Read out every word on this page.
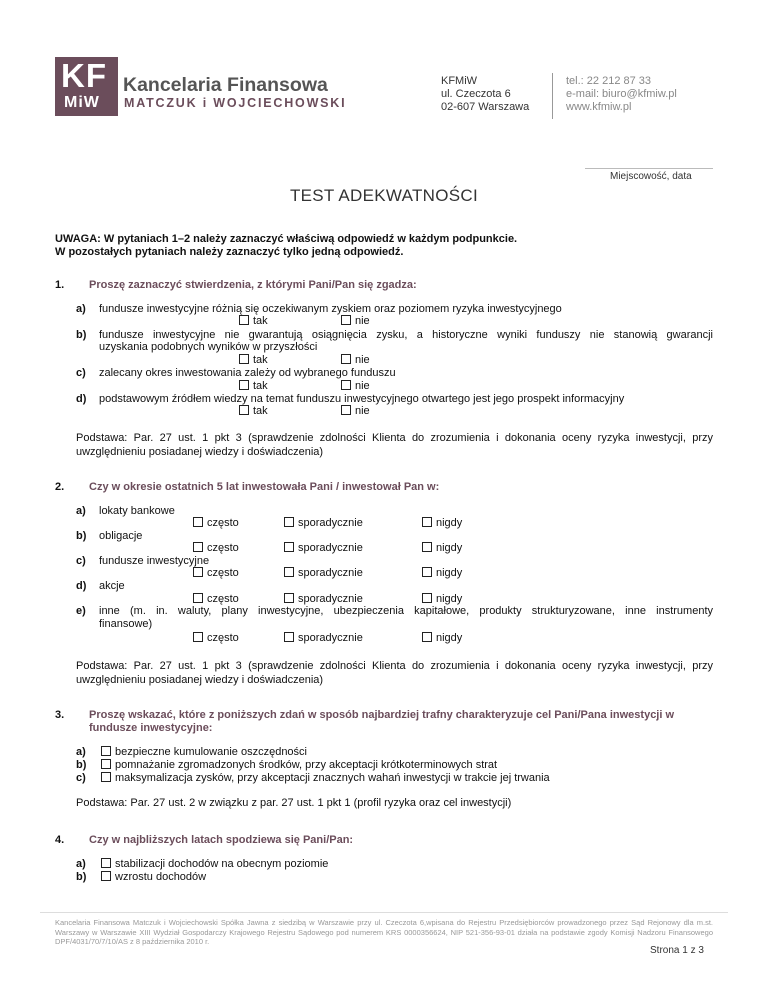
KF
MiW
Kancelaria Finansowa
MATCZUK i WOJCIECHOWSKI
KFMiW
ul. Czeczota 6
02-607 Warszawa
tel.: 22 212 87 33
e-mail: biuro@kfmiw.pl
www.kfmiw.pl
Miejscowość, data
TEST ADEKWATNOŚCI
UWAGA: W pytaniach 1–2 należy zaznaczyć właściwą odpowiedź w każdym podpunkcie.
W pozostałych pytaniach należy zaznaczyć tylko jedną odpowiedź.
1. Proszę zaznaczyć stwierdzenia, z którymi Pani/Pan się zgadza:
a) fundusze inwestycyjne różnią się oczekiwanym zyskiem oraz poziomem ryzyka inwestycyjnego
tak	nie
b) fundusze inwestycyjne nie gwarantują osiągnięcia zysku, a historyczne wyniki funduszy nie stanowią gwarancji
uzyskania podobnych wyników w przyszłości
tak	nie
c) zalecany okres inwestowania zależy od wybranego funduszu
tak	nie
d) podstawowym źródłem wiedzy na temat funduszu inwestycyjnego otwartego jest jego prospekt informacyjny
tak	nie
Podstawa: Par. 27 ust. 1 pkt 3 (sprawdzenie zdolności Klienta do zrozumienia i dokonania oceny ryzyka inwestycji, przy
uwzględnieniu posiadanej wiedzy i doświadczenia)
2. Czy w okresie ostatnich 5 lat inwestowała Pani / inwestował Pan w:
a) lokaty bankowe
często	sporadycznie	nigdy
b) obligacje
często	sporadycznie	nigdy
c) fundusze inwestycyjne
często	sporadycznie	nigdy
d) akcje
często	sporadycznie	nigdy
e) inne (m. in. waluty, plany inwestycyjne, ubezpieczenia kapitałowe, produkty strukturyzowane, inne instrumenty
finansowe)
często	sporadycznie	nigdy
Podstawa: Par. 27 ust. 1 pkt 3 (sprawdzenie zdolności Klienta do zrozumienia i dokonania oceny ryzyka inwestycji, przy
uwzględnieniu posiadanej wiedzy i doświadczenia)
3. Proszę wskazać, które z poniższych zdań w sposób najbardziej trafny charakteryzuje cel Pani/Pana inwestycji w
fundusze inwestycyjne:
a)	bezpieczne kumulowanie oszczędności
b)	pomnażanie zgromadzonych środków, przy akceptacji krótkoterminowych strat
c)	maksymalizacja zysków, przy akceptacji znacznych wahań inwestycji w trakcie jej trwania
Podstawa: Par. 27 ust. 2 w związku z par. 27 ust. 1 pkt 1 (profil ryzyka oraz cel inwestycji)
4. Czy w najbliższych latach spodziewa się Pani/Pan:
a)	stabilizacji dochodów na obecnym poziomie
b)	wzrostu dochodów
Kancelaria Finansowa Matczuk i Wojciechowski Spółka Jawna z siedzibą w Warszawie przy ul. Czeczota 6,wpisana do Rejestru Przedsiębiorców prowadzonego przez Sąd Rejonowy dla m.st. Warszawy w Warszawie XIII Wydział Gospodarczy Krajowego Rejestru Sądowego pod numerem KRS 0000356624, NIP 521-356-93-01 działa na podstawie zgody Komisji Nadzoru Finansowego DPF/4031/70/7/10/AS z 8 października 2010 r.
Strona 1 z 3
